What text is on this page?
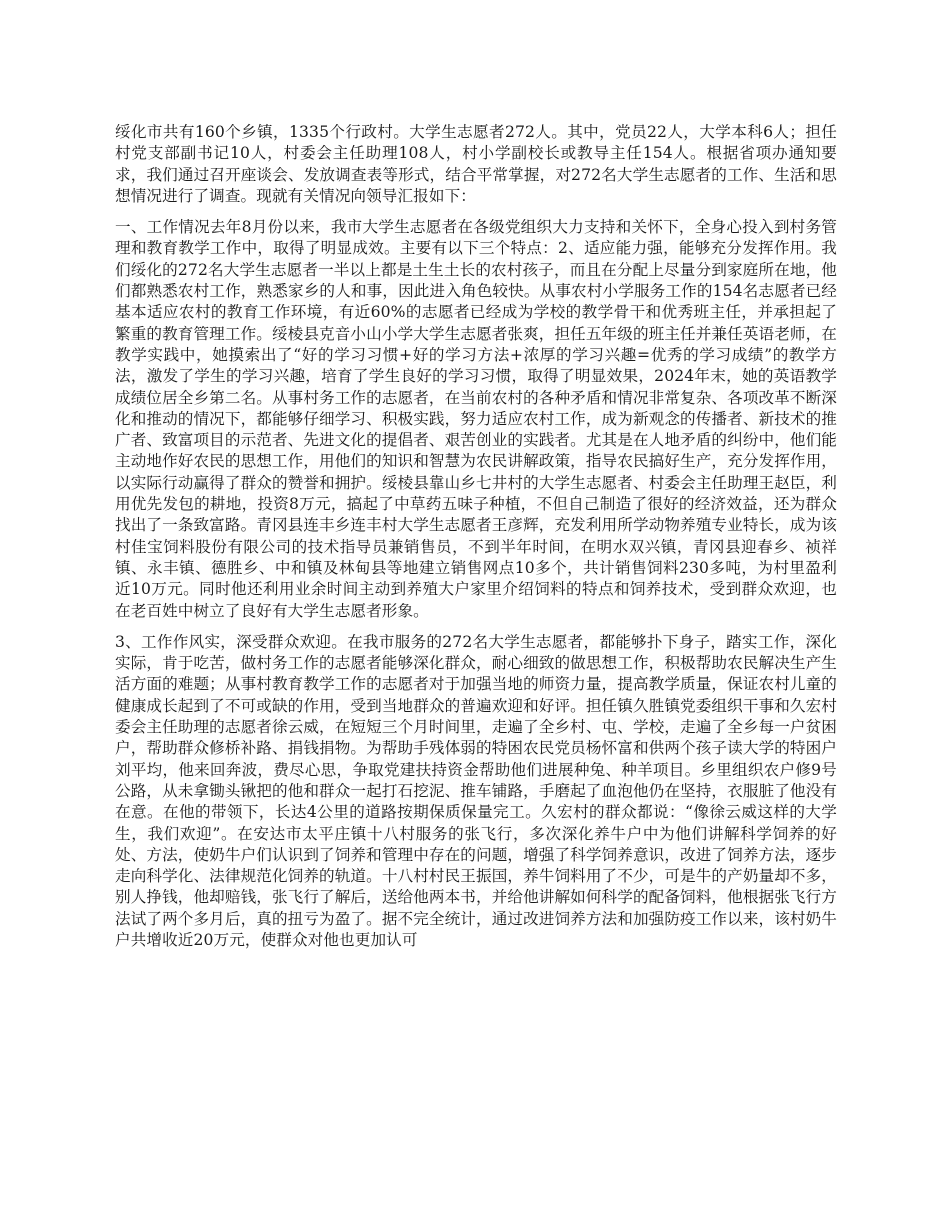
绥化市共有160个乡镇，1335个行政村。大学生志愿者272人。其中，党员22人，大学本科6人；担任村党支部副书记10人，村委会主任助理108人，村小学副校长或教导主任154人。根据省项办通知要求，我们通过召开座谈会、发放调查表等形式，结合平常掌握，对272名大学生志愿者的工作、生活和思想情况进行了调查。现就有关情况向领导汇报如下：

一、工作情况去年8月份以来，我市大学生志愿者在各级党组织大力支持和关怀下，全身心投入到村务管理和教育教学工作中，取得了明显成效。主要有以下三个特点：2、适应能力强，能够充分发挥作用。我们绥化的272名大学生志愿者一半以上都是土生土长的农村孩子，而且在分配上尽量分到家庭所在地，他们都熟悉农村工作，熟悉家乡的人和事，因此进入角色较快。从事农村小学服务工作的154名志愿者已经基本适应农村的教育工作环境，有近60%的志愿者已经成为学校的教学骨干和优秀班主任，并承担起了繁重的教育管理工作。绥棱县克音小山小学大学生志愿者张爽，担任五年级的班主任并兼任英语老师，在教学实践中，她摸索出了“好的学习习惯+好的学习方法+浓厚的学习兴趣=优秀的学习成绩”的教学方法，激发了学生的学习兴趣，培育了学生良好的学习习惯，取得了明显效果，2024年末，她的英语教学成绩位居全乡第二名。从事村务工作的志愿者，在当前农村的各种矛盾和情况非常复杂、各项改革不断深化和推动的情况下，都能够仔细学习、积极实践，努力适应农村工作，成为新观念的传播者、新技术的推广者、致富项目的示范者、先进文化的提倡者、艰苦创业的实践者。尤其是在人地矛盾的纠纷中，他们能主动地作好农民的思想工作，用他们的知识和智慧为农民讲解政策，指导农民搞好生产，充分发挥作用，以实际行动赢得了群众的赞誉和拥护。绥棱县靠山乡七井村的大学生志愿者、村委会主任助理王赵臣，利用优先发包的耕地，投资8万元，搞起了中草药五味子种植，不但自己制造了很好的经济效益，还为群众找出了一条致富路。青冈县连丰乡连丰村大学生志愿者王彦辉，充发利用所学动物养殖专业特长，成为该村佳宝饲料股份有限公司的技术指导员兼销售员，不到半年时间，在明水双兴镇，青冈县迎春乡、祯祥镇、永丰镇、德胜乡、中和镇及林甸县等地建立销售网点10多个，共计销售饲料230多吨，为村里盈利近10万元。同时他还利用业余时间主动到养殖大户家里介绍饲料的特点和饲养技术，受到群众欢迎，也在老百姓中树立了良好有大学生志愿者形象。

3、工作作风实，深受群众欢迎。在我市服务的272名大学生志愿者，都能够扑下身子，踏实工作，深化实际，肯于吃苦，做村务工作的志愿者能够深化群众，耐心细致的做思想工作，积极帮助农民解决生产生活方面的难题；从事村教育教学工作的志愿者对于加强当地的师资力量，提高教学质量，保证农村儿童的健康成长起到了不可或缺的作用，受到当地群众的普遍欢迎和好评。担任镇久胜镇党委组织干事和久宏村委会主任助理的志愿者徐云威，在短短三个月时间里，走遍了全乡村、屯、学校，走遍了全乡每一户贫困户，帮助群众修桥补路、捐钱捐物。为帮助手残体弱的特困农民党员杨怀富和供两个孩子读大学的特困户刘平均，他来回奔波，费尽心思，争取党建扶持资金帮助他们进展种兔、种羊项目。乡里组织农户修9号公路，从未拿锄头锹把的他和群众一起打石挖泥、推车铺路，手磨起了血泡他仍在坚持，衣服脏了他没有在意。在他的带领下，长达4公里的道路按期保质保量完工。久宏村的群众都说：“像徐云威这样的大学生，我们欢迎”。在安达市太平庄镇十八村服务的张飞行，多次深化养牛户中为他们讲解科学饲养的好处、方法，使奶牛户们认识到了饲养和管理中存在的问题，增强了科学饲养意识，改进了饲养方法，逐步走向科学化、法律规范化饲养的轨道。十八村村民王振国，养牛饲料用了不少，可是牛的产奶量却不多，别人挣钱，他却赔钱，张飞行了解后，送给他两本书，并给他讲解如何科学的配备饲料，他根据张飞行方法试了两个多月后，真的扭亏为盈了。据不完全统计，通过改进饲养方法和加强防疫工作以来，该村奶牛户共增收近20万元，使群众对他也更加认可
